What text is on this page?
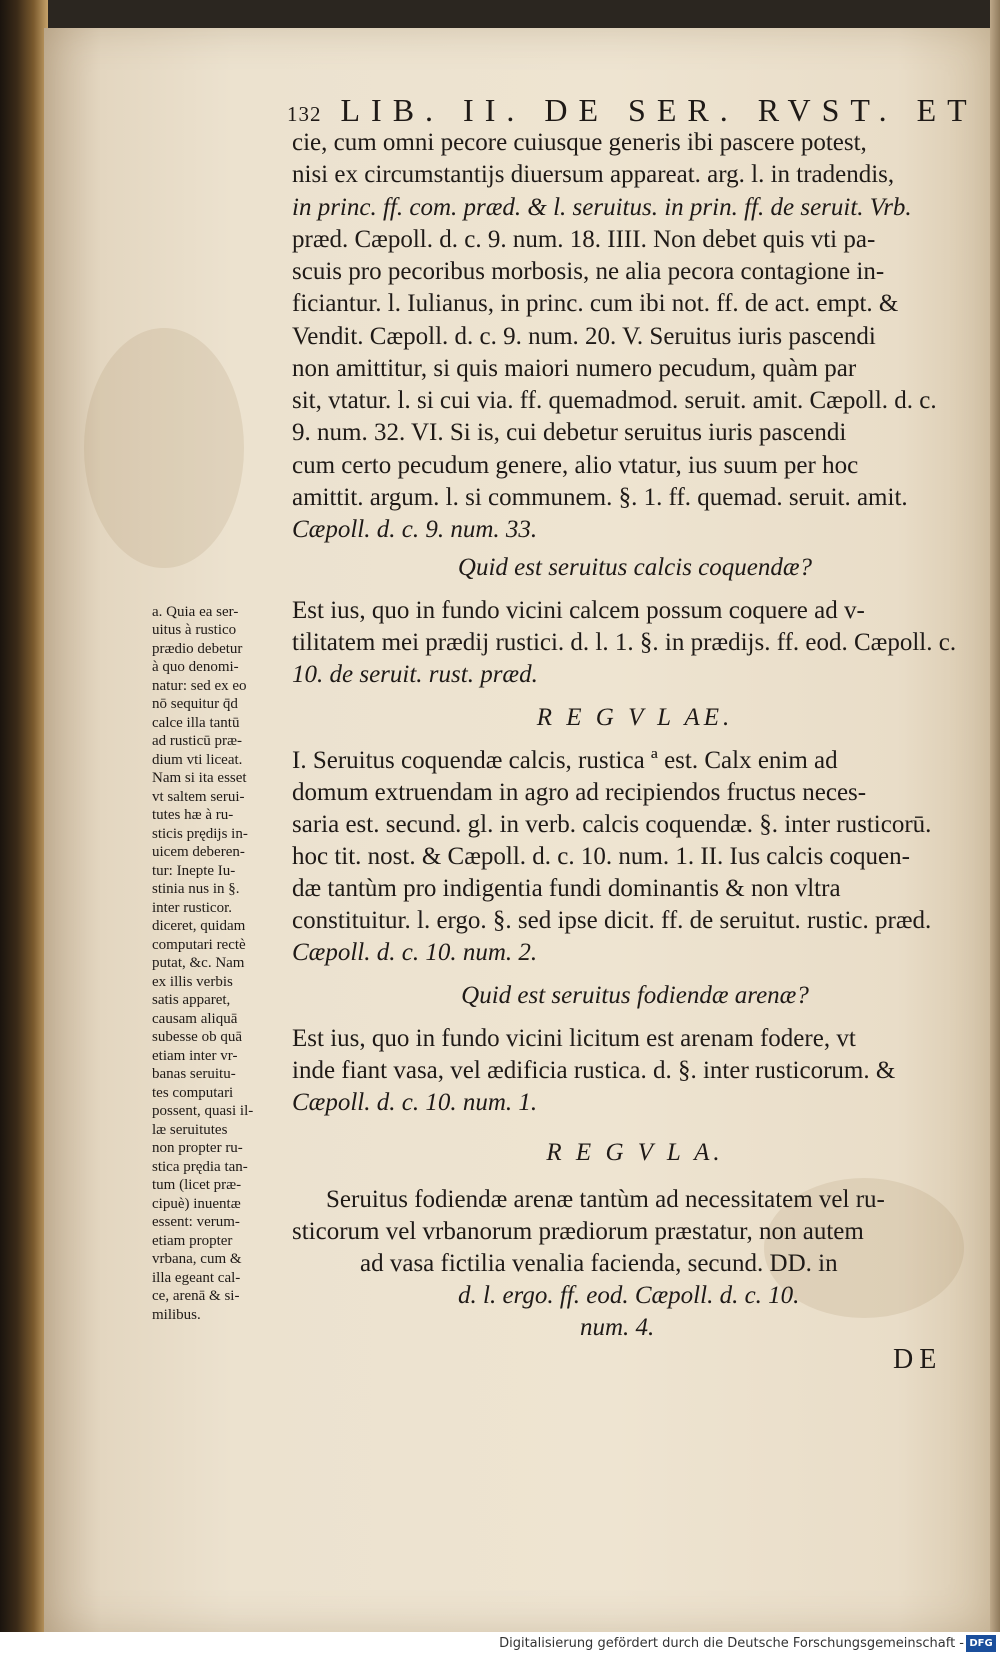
132 LIB. II. DE SER. RVST. ET
cie, cum omni pecore cuiusque generis ibi pascere potest,
nisi ex circumstantijs diuersum appareat. arg. l. in tradendis,
in princ. ff. com. præd. & l. seruitus. in prin. ff. de seruit. Vrb.
præd. Cæpoll. d. c. 9. num. 18. IIII. Non debet quis vti pa-
scuis pro pecoribus morbosis, ne alia pecora contagione in-
ficiantur. l. Iulianus, in princ. cum ibi not. ff. de act. empt. &
Vendit. Cæpoll. d. c. 9. num. 20. V. Seruitus iuris pascendi
non amittitur, si quis maiori numero pecudum, quàm par
sit, vtatur. l. si cui via. ff. quemadmod. seruit. amit. Cæpoll. d. c.
9. num. 32. VI. Si is, cui debetur seruitus iuris pascendi
cum certo pecudum genere, alio vtatur, ius suum per hoc
amittit. argum. l. si communem. §. 1. ff. quemad. seruit. amit.
Cæpoll. d. c. 9. num. 33.
Quid est seruitus calcis coquendæ?
Est ius, quo in fundo vicini calcem possum coquere ad v-
tilitatem mei prædij rustici. d. l. 1. §. in prædijs. ff. eod. Cæpoll. c.
10. de seruit. rust. præd.
R E G V L AE.
I. Seruitus coquendæ calcis, rustica ª est. Calx enim ad
domum extruendam in agro ad recipiendos fructus neces-
saria est. secund. gl. in verb. calcis coquendæ. §. inter rusticorū.
hoc tit. nost. & Cæpoll. d. c. 10. num. 1. II. Ius calcis coquen-
dæ tantùm pro indigentia fundi dominantis & non vltra
constituitur. l. ergo. §. sed ipse dicit. ff. de seruitut. rustic. præd.
Cæpoll. d. c. 10. num. 2.
Quid est seruitus fodiendæ arenæ?
Est ius, quo in fundo vicini licitum est arenam fodere, vt
inde fiant vasa, vel ædificia rustica. d. §. inter rusticorum. &
Cæpoll. d. c. 10. num. 1.
R E G V L A.
Seruitus fodiendæ arenæ tantùm ad necessitatem vel ru-
sticorum vel vrbanorum prædiorum præstatur, non autem
ad vasa fictilia venalia facienda, secund. DD. in
d. l. ergo. ff. eod. Cæpoll. d. c. 10.
num. 4.
DE
a. Quia ea ser-
uitus à rustico
prædio debetur
à quo denomi-
natur: sed ex eo
nō sequitur q̄d
calce illa tantū
ad rusticū præ-
dium vti liceat.
Nam si ita esset
vt saltem serui-
tutes hæ à ru-
sticis prędijs in-
uicem deberen-
tur: Inepte Iu-
stinia nus in §.
inter rusticor.
diceret, quidam
computari rectè
putat, &c. Nam
ex illis verbis
satis apparet,
causam aliquā
subesse ob quā
etiam inter vr-
banas seruitu-
tes computari
possent, quasi il-
læ seruitutes
non propter ru-
stica prędia tan-
tum (licet præ-
cipuè) inuentæ
essent: verum-
etiam propter
vrbana, cum &
illa egeant cal-
ce, arenā & si-
milibus.
Digitalisierung gefördert durch die Deutsche Forschungsgemeinschaft - DFG
